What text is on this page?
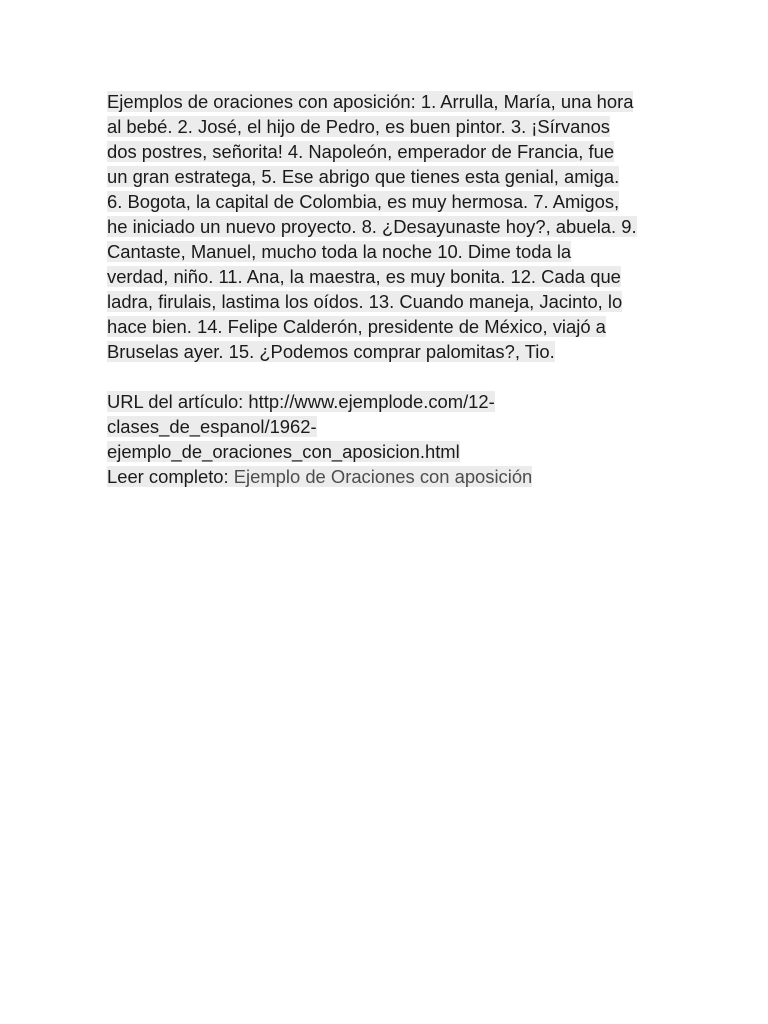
Ejemplos de oraciones con aposición: 1. Arrulla, María, una hora al bebé. 2. José, el hijo de Pedro, es buen pintor. 3. ¡Sírvanos dos postres, señorita! 4. Napoleón, emperador de Francia, fue un gran estratega, 5. Ese abrigo que tienes esta genial, amiga. 6. Bogota, la capital de Colombia, es muy hermosa. 7. Amigos, he iniciado un nuevo proyecto. 8. ¿Desayunaste hoy?, abuela. 9. Cantaste, Manuel, mucho toda la noche 10. Dime toda la verdad, niño. 11. Ana, la maestra, es muy bonita. 12. Cada que ladra, firulais, lastima los oídos. 13. Cuando maneja, Jacinto, lo hace bien. 14. Felipe Calderón, presidente de México, viajó a Bruselas ayer. 15. ¿Podemos comprar palomitas?, Tio.

URL del artículo: http://www.ejemplode.com/12-
clases_de_espanol/1962-
ejemplo_de_oraciones_con_aposicion.html
Leer completo: Ejemplo de Oraciones con aposición
